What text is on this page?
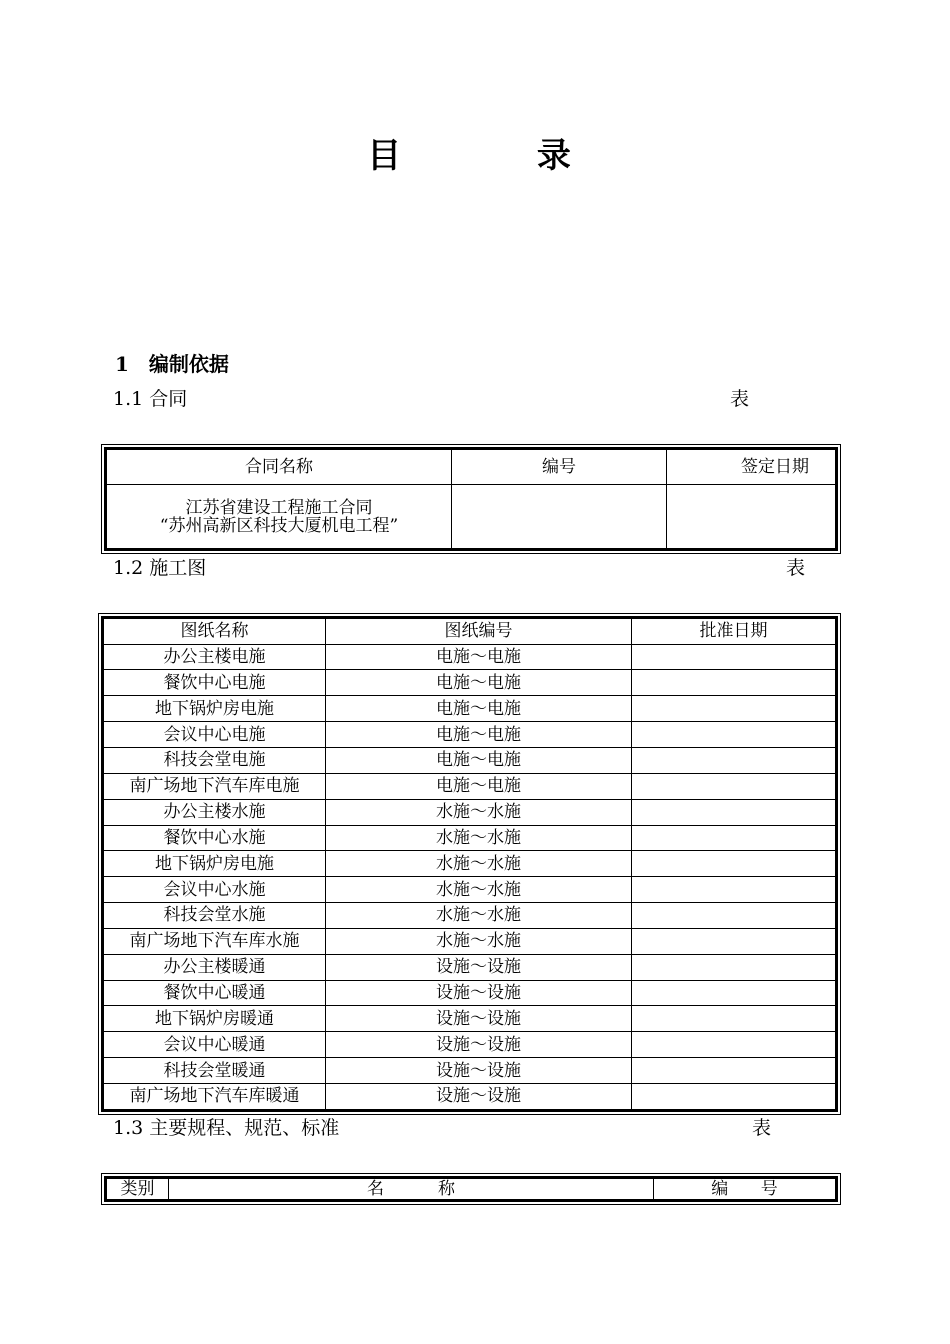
目 录
1 编制依据

1.1 合同	表
合同名称	编号	签定日期

江苏省建设工程施工合同
“苏州高新区科技大厦机电工程”		

1.2 施工图	表
图纸名称	图纸编号	批准日期
办公主楼电施	电施～电施	
餐饮中心电施	电施～电施	
地下锅炉房电施	电施～电施	
会议中心电施	电施～电施	
科技会堂电施	电施～电施	
南广场地下汽车库电施	电施～电施	
办公主楼水施	水施～水施	
餐饮中心水施	水施～水施	
地下锅炉房电施	水施～水施	
会议中心水施	水施～水施	
科技会堂水施	水施～水施	
南广场地下汽车库水施	水施～水施	
办公主楼暖通	设施～设施	
餐饮中心暖通	设施～设施	
地下锅炉房暖通	设施～设施	
会议中心暖通	设施～设施	
科技会堂暖通	设施～设施	
南广场地下汽车库暖通	设施～设施	

1.3 主要规程、规范、标准	表
类别	名          称	编      号
